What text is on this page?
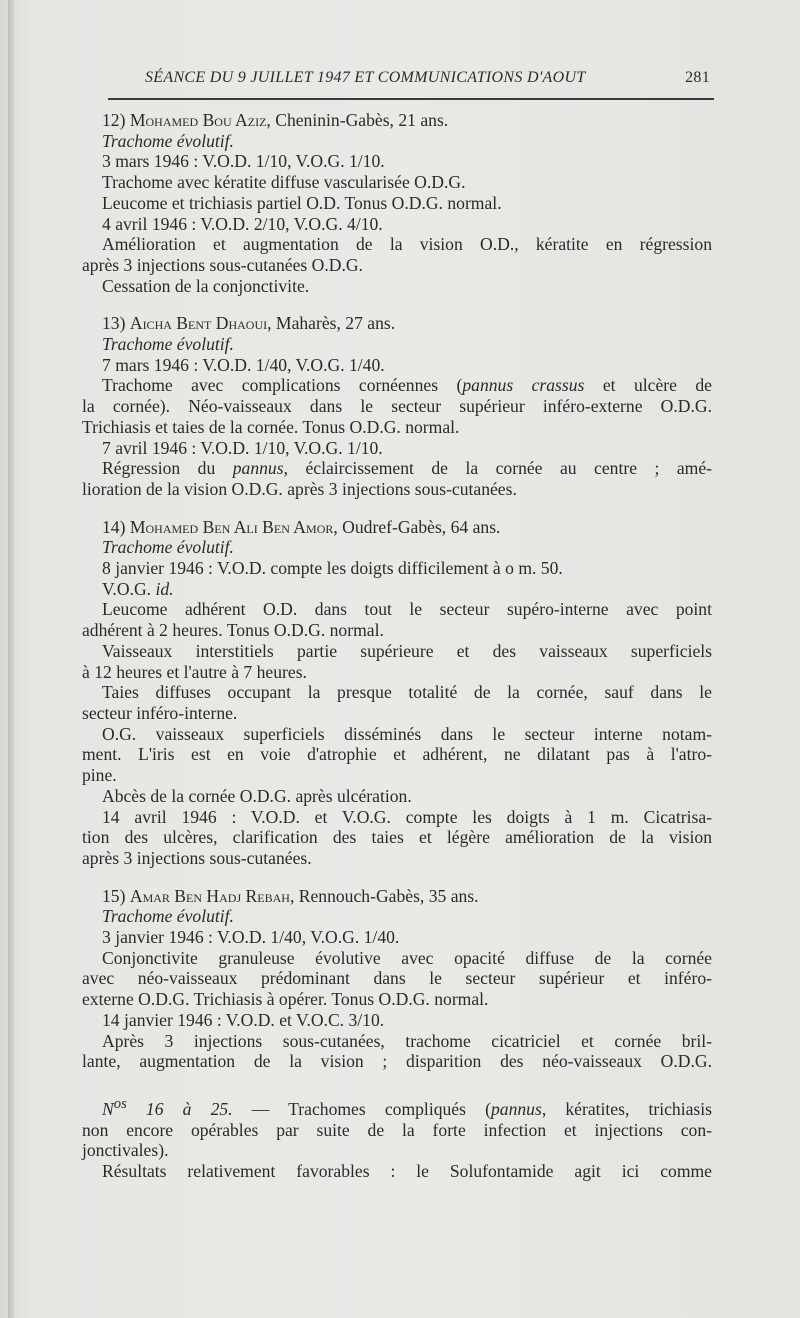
SÉANCE DU 9 JUILLET 1947 ET COMMUNICATIONS D'AOUT	281
12) Mohamed Bou Aziz, Cheninin-Gabès, 21 ans.
Trachome évolutif.
3 mars 1946 : V.O.D. 1/10, V.O.G. 1/10.
Trachome avec kératite diffuse vascularisée O.D.G.
Leucome et trichiasis partiel O.D. Tonus O.D.G. normal.
4 avril 1946 : V.O.D. 2/10, V.O.G. 4/10.
Amélioration et augmentation de la vision O.D., kératite en régression
après 3 injections sous-cutanées O.D.G.
Cessation de la conjonctivite.
13) Aicha Bent Dhaoui, Maharès, 27 ans.
Trachome évolutif.
7 mars 1946 : V.O.D. 1/40, V.O.G. 1/40.
Trachome avec complications cornéennes (pannus crassus et ulcère de
la cornée). Néo-vaisseaux dans le secteur supérieur inféro-externe O.D.G.
Trichiasis et taies de la cornée. Tonus O.D.G. normal.
7 avril 1946 : V.O.D. 1/10, V.O.G. 1/10.
Régression du pannus, éclaircissement de la cornée au centre ; amé-
lioration de la vision O.D.G. après 3 injections sous-cutanées.
14) Mohamed Ben Ali Ben Amor, Oudref-Gabès, 64 ans.
Trachome évolutif.
8 janvier 1946 : V.O.D. compte les doigts difficilement à o m. 50.
V.O.G. id.
Leucome adhérent O.D. dans tout le secteur supéro-interne avec point
adhérent à 2 heures. Tonus O.D.G. normal.
Vaisseaux interstitiels partie supérieure et des vaisseaux superficiels
à 12 heures et l'autre à 7 heures.
Taies diffuses occupant la presque totalité de la cornée, sauf dans le
secteur inféro-interne.
O.G. vaisseaux superficiels disséminés dans le secteur interne notam-
ment. L'iris est en voie d'atrophie et adhérent, ne dilatant pas à l'atro-
pine.
Abcès de la cornée O.D.G. après ulcération.
14 avril 1946 : V.O.D. et V.O.G. compte les doigts à 1 m. Cicatrisa-
tion des ulcères, clarification des taies et légère amélioration de la vision
après 3 injections sous-cutanées.
15) Amar Ben Hadj Rebah, Rennouch-Gabès, 35 ans.
Trachome évolutif.
3 janvier 1946 : V.O.D. 1/40, V.O.G. 1/40.
Conjonctivite granuleuse évolutive avec opacité diffuse de la cornée
avec néo-vaisseaux prédominant dans le secteur supérieur et inféro-
externe O.D.G. Trichiasis à opérer. Tonus O.D.G. normal.
14 janvier 1946 : V.O.D. et V.O.C. 3/10.
Après 3 injections sous-cutanées, trachome cicatriciel et cornée bril-
lante, augmentation de la vision ; disparition des néo-vaisseaux O.D.G.
$N^{os}$ 16 à 25. — Trachomes compliqués (pannus, kératites, trichiasis
non encore opérables par suite de la forte infection et injections con-
jonctivales).
Résultats relativement favorables : le Solufontamide agit ici comme
